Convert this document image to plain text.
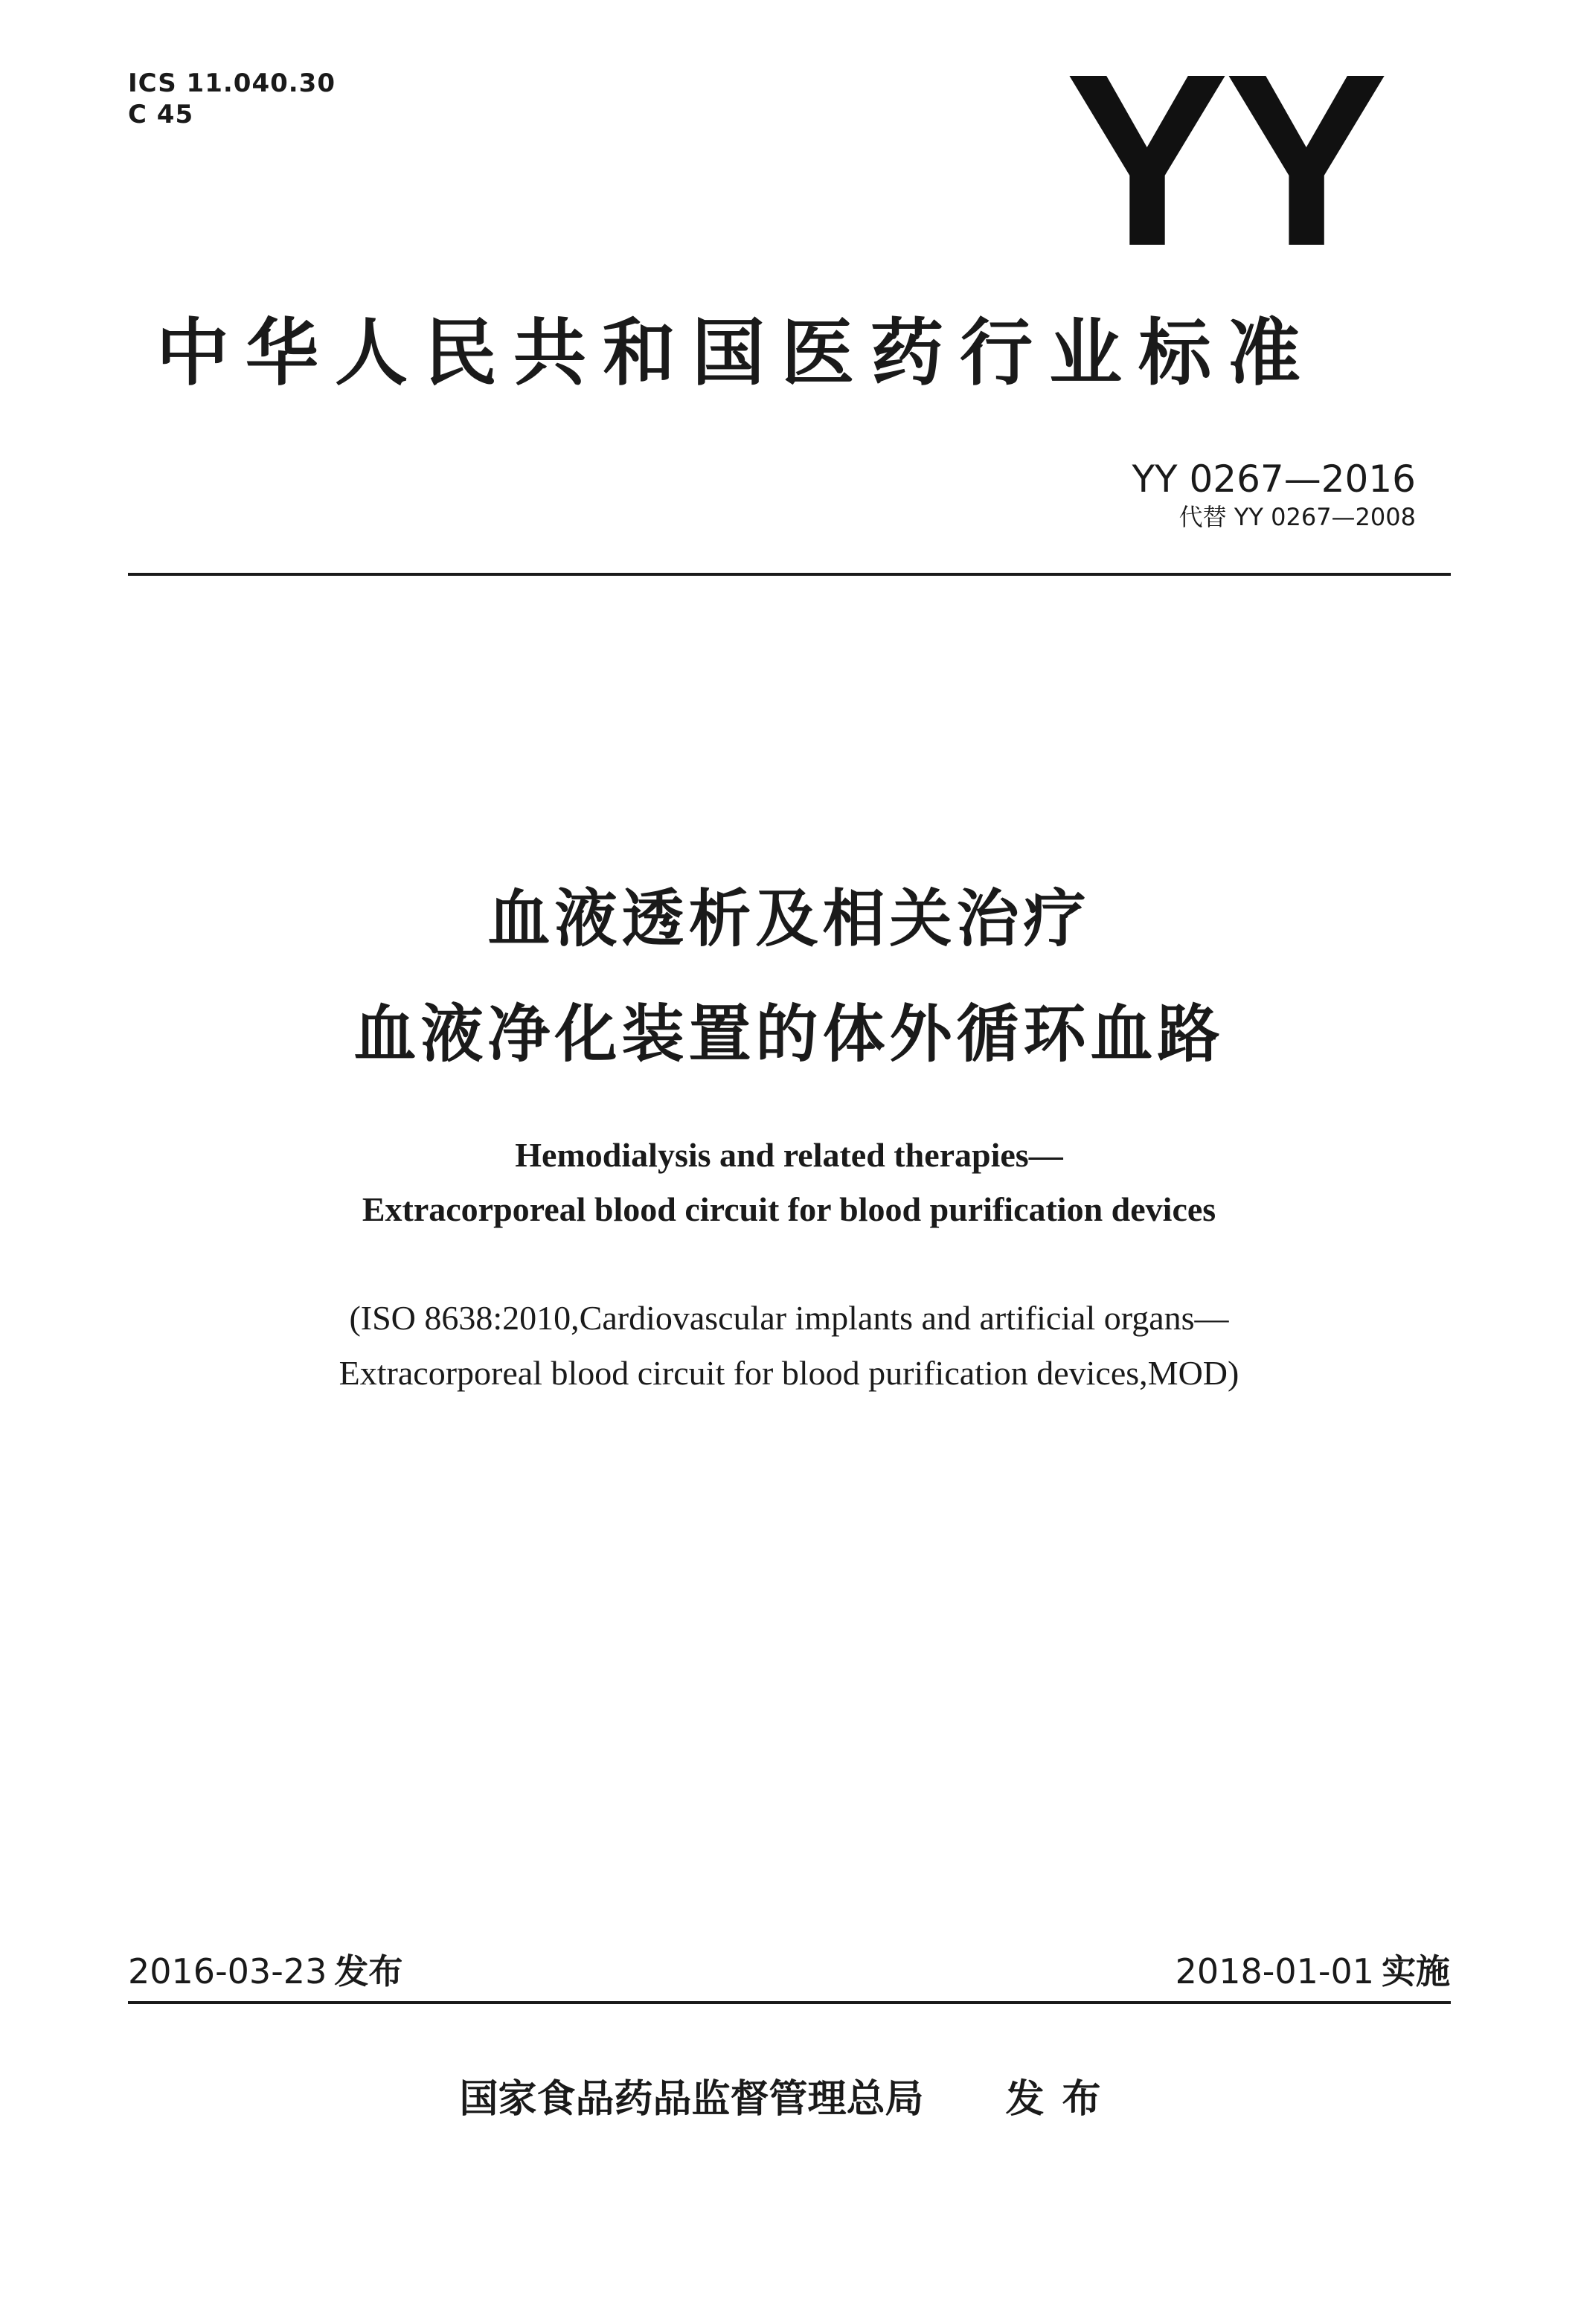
ICS 11.040.30
C 45	YY
中华人民共和国医药行业标准
YY 0267—2016
代替 YY 0267—2008
血液透析及相关治疗
血液净化装置的体外循环血路
Hemodialysis and related therapies—
Extracorporeal blood circuit for blood purification devices
(ISO 8638:2010,Cardiovascular implants and artificial organs—
Extracorporeal blood circuit for blood purification devices,MOD)
2016-03-23 发布	2018-01-01 实施
国家食品药品监督管理总局 发布
